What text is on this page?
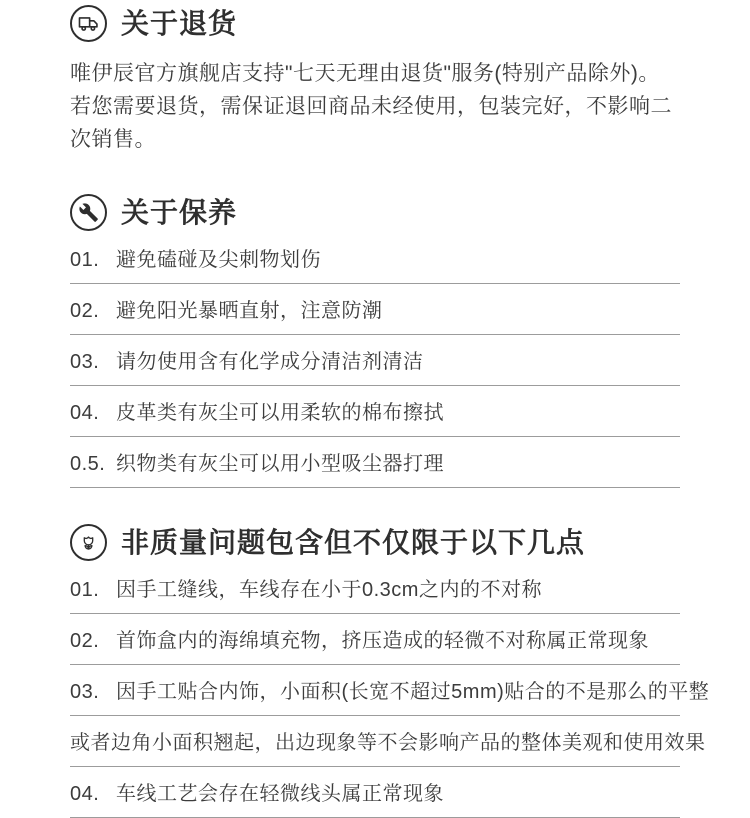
关于退货

唯伊辰官方旗舰店支持"七天无理由退货"服务(特别产品除外)。若您需要退货，需保证退回商品未经使用，包装完好，不影响二次销售。

关于保养
01. 避免磕碰及尖刺物划伤
02. 避免阳光暴晒直射，注意防潮
03. 请勿使用含有化学成分清洁剂清洁
04. 皮革类有灰尘可以用柔软的棉布擦拭
0.5. 织物类有灰尘可以用小型吸尘器打理
非质量问题包含但不仅限于以下几点
01. 因手工缝线，车线存在小于0.3cm之内的不对称
02. 首饰盒内的海绵填充物，挤压造成的轻微不对称属正常现象
03. 因手工贴合内饰，小面积(长宽不超过5mm)贴合的不是那么的平整
或者边角小面积翘起，出边现象等不会影响产品的整体美观和使用效果
04. 车线工艺会存在轻微线头属正常现象
